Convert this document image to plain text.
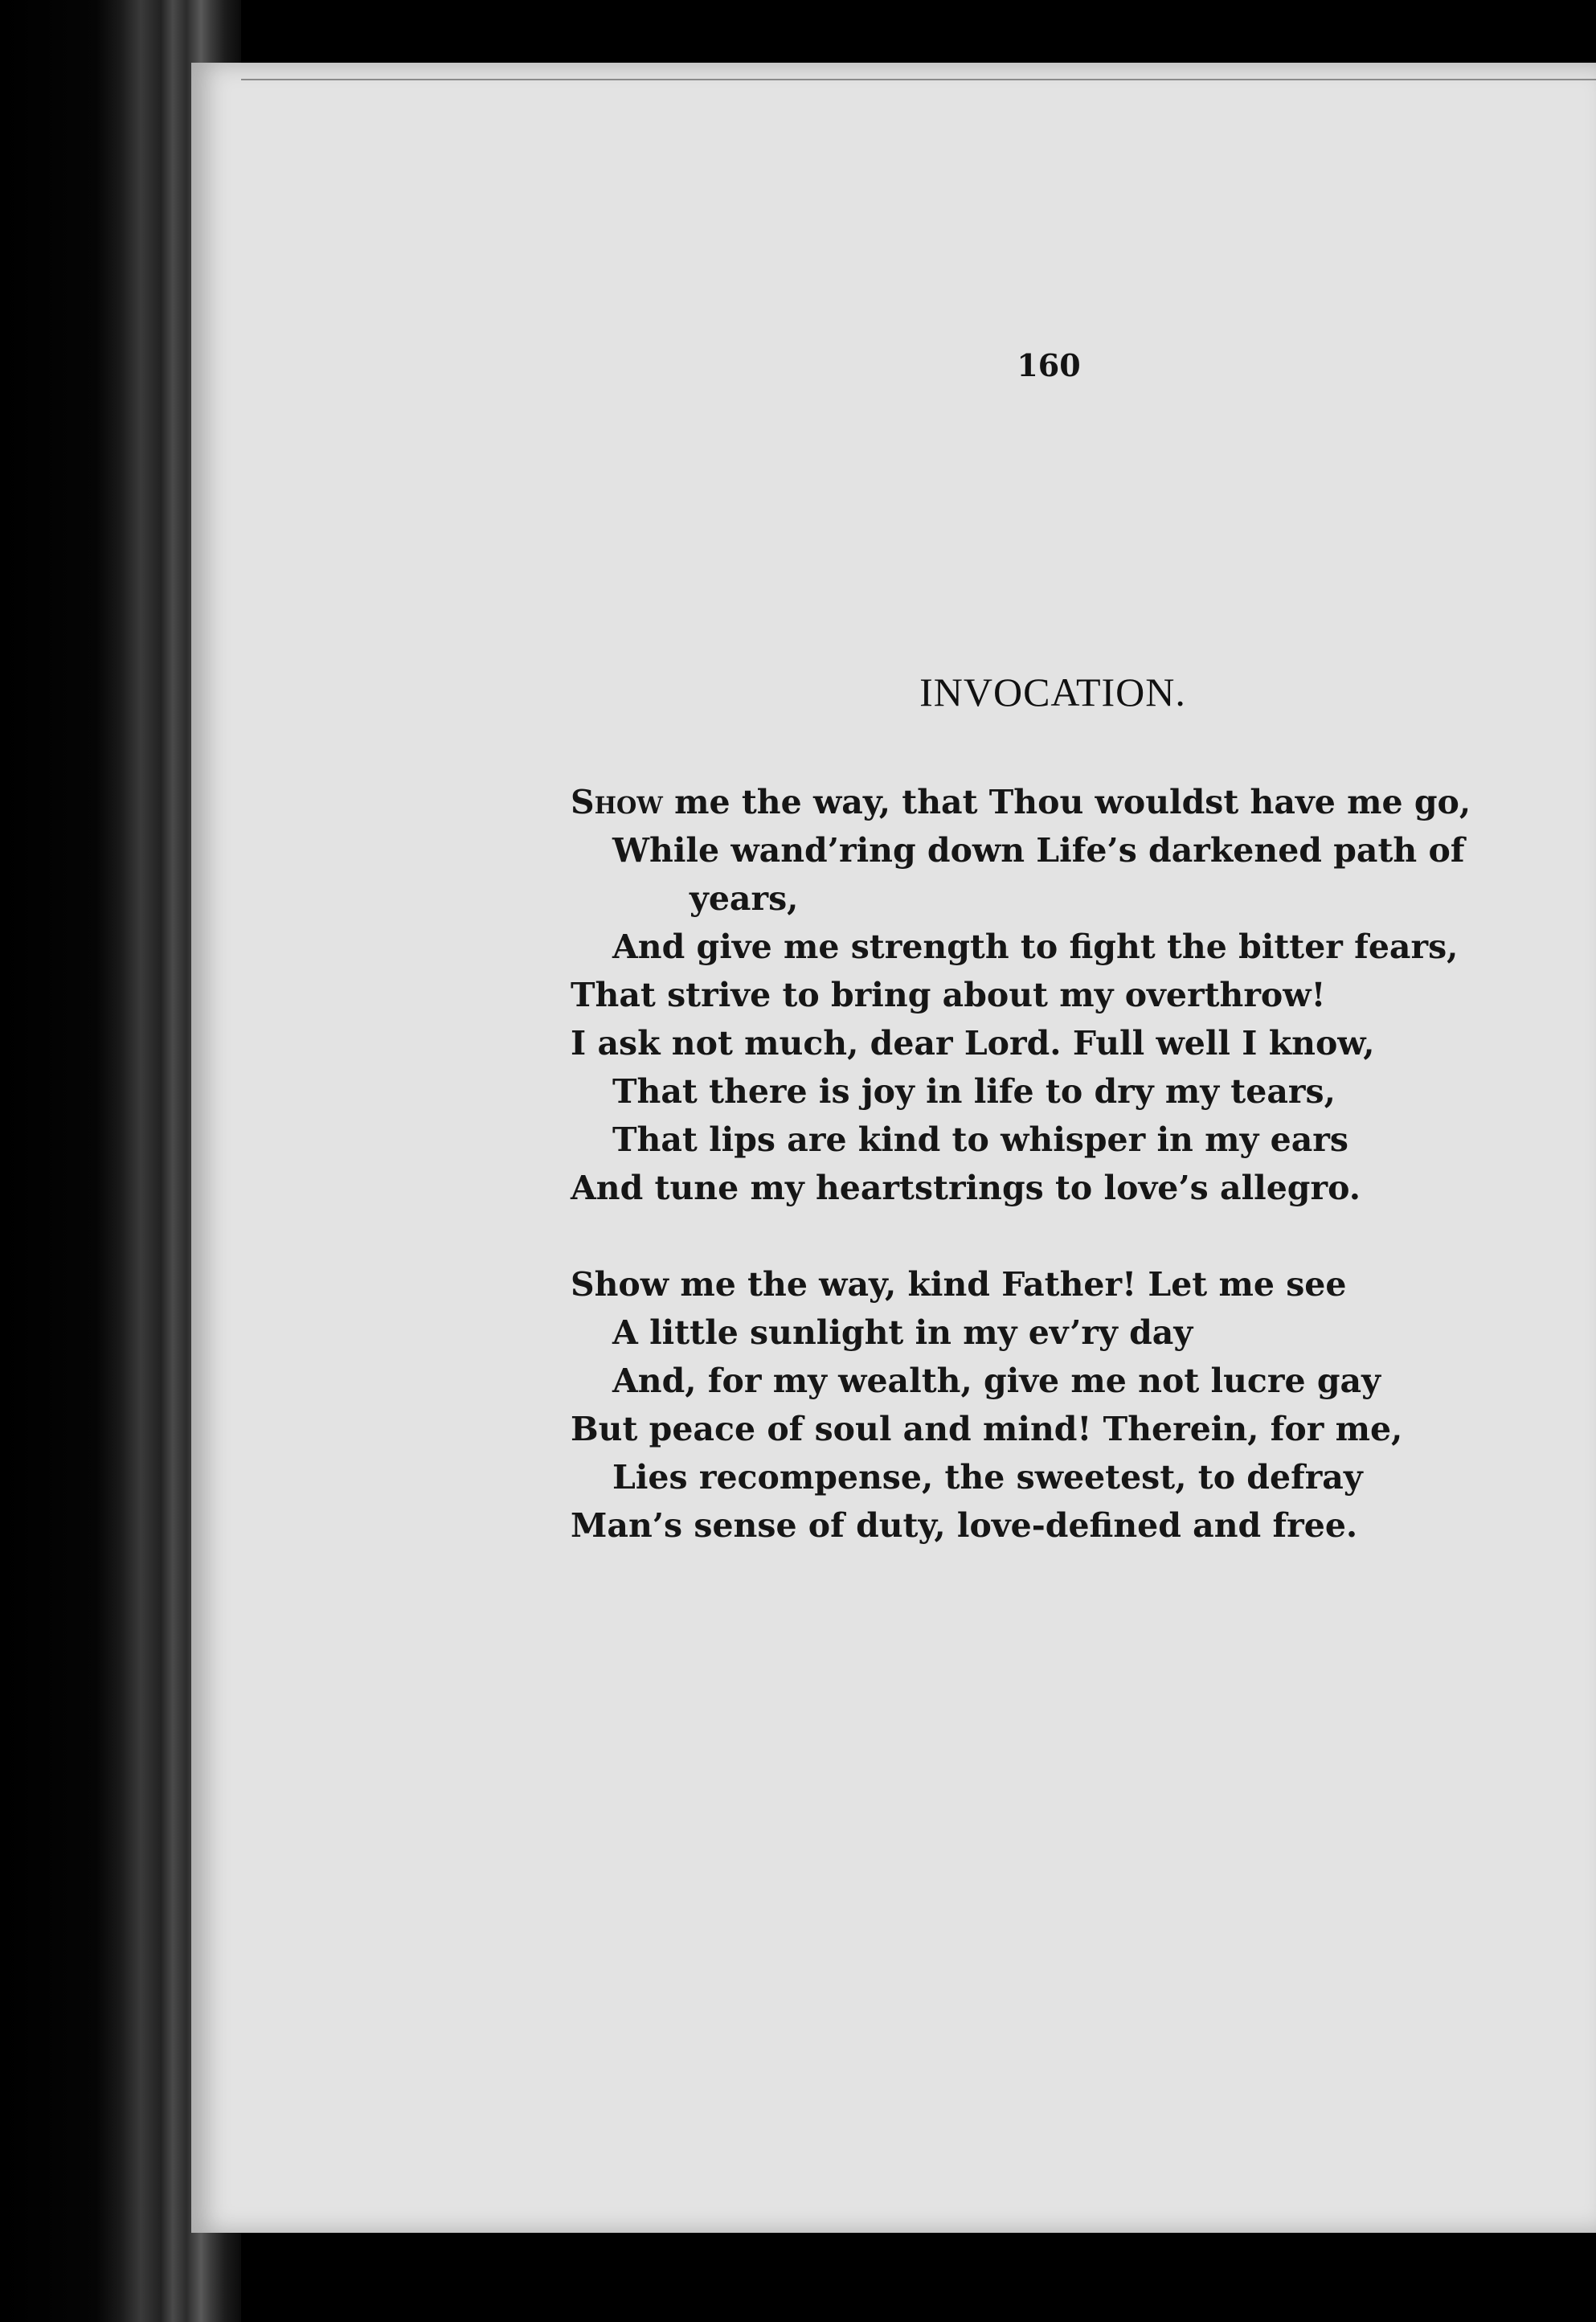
160
INVOCATION.
Show me the way, that Thou wouldst have me go,
While wand’ring down Life’s darkened path of
years,
And give me strength to fight the bitter fears,
That strive to bring about my overthrow!
I ask not much, dear Lord. Full well I know,
That there is joy in life to dry my tears,
That lips are kind to whisper in my ears
And tune my heartstrings to love’s allegro.
Show me the way, kind Father! Let me see
A little sunlight in my ev’ry day
And, for my wealth, give me not lucre gay
But peace of soul and mind! Therein, for me,
Lies recompense, the sweetest, to defray
Man’s sense of duty, love-defined and free.
